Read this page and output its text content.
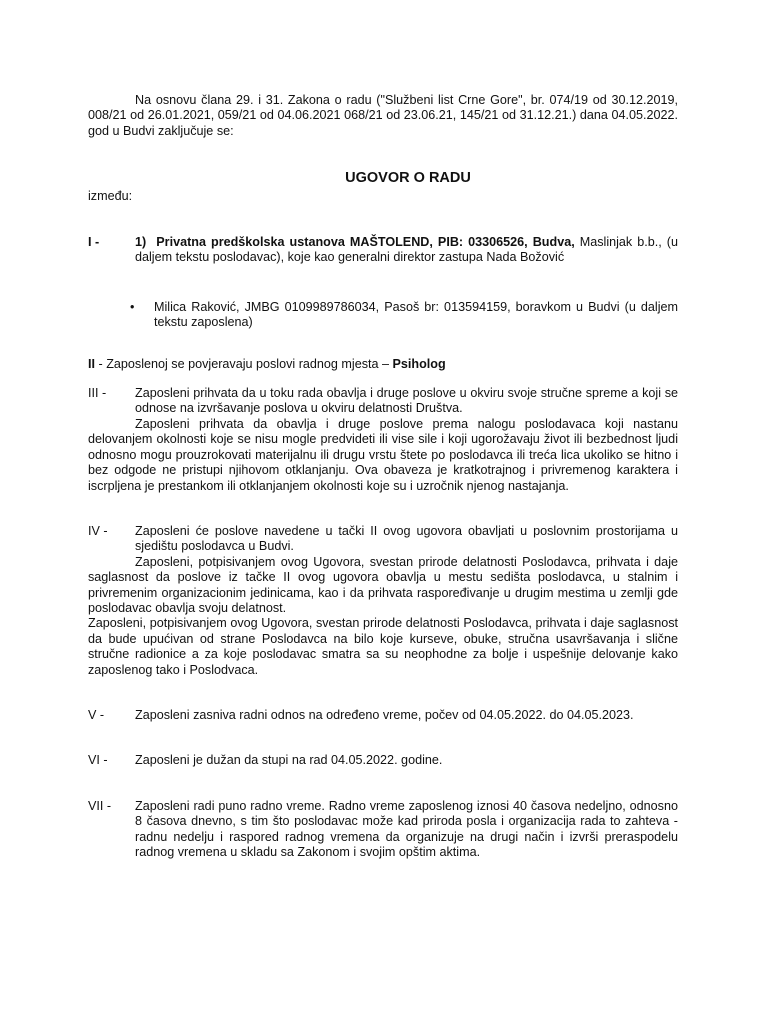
Na osnovu člana 29. i 31. Zakona o radu ("Službeni list Crne Gore", br. 074/19 od 30.12.2019, 008/21 od 26.01.2021, 059/21 od 04.06.2021 068/21 od 23.06.21, 145/21 od 31.12.21.) dana 04.05.2022. god u Budvi zaključuje se:

UGOVOR O RADU

između:

I -	1) Privatna predškolska ustanova MAŠTOLEND, PIB: 03306526, Budva, Maslinjak b.b., (u daljem tekstu poslodavac), koje kao generalni direktor zastupa Nada Božović
•	Milica Raković, JMBG 0109989786034, Pasoš br: 013594159, boravkom u Budvi (u daljem tekstu zaposlena)

II - Zaposlenoj se povjeravaju poslovi radnog mjesta – Psiholog

III -	Zaposleni prihvata da u toku rada obavlja i druge poslove u okviru svoje stručne spreme a koji se odnose na izvršavanje poslova u okviru delatnosti Društva.

Zaposleni prihvata da obavlja i druge poslove prema nalogu poslodavaca koji nastanu delovanjem okolnosti koje se nisu mogle predvideti ili vise sile i koji ugorožavaju život ili bezbednost ljudi odnosno mogu prouzrokovati materijalnu ili drugu vrstu štete po poslodavca ili treća lica ukoliko se hitno i bez odgode ne pristupi njihovom otklanjanju. Ova obaveza je kratkotrajnog i privremenog karaktera i iscrpljena je prestankom ili otklanjanjem okolnosti koje su i uzročnik njenog nastajanja.

IV -	Zaposleni će poslove navedene u tački II ovog ugovora obavljati u poslovnim prostorijama u sjedištu poslodavca u Budvi.

Zaposleni, potpisivanjem ovog Ugovora, svestan prirode delatnosti Poslodavca, prihvata i daje saglasnost da poslove iz tačke II ovog ugovora obavlja u mestu sedišta poslodavca, u stalnim i privremenim organizacionim jedinicama, kao i da prihvata raspoređivanje u drugim mestima u zemlji gde poslodavac obavlja svoju delatnost.

Zaposleni, potpisivanjem ovog Ugovora, svestan prirode delatnosti Poslodavca, prihvata i daje saglasnost da bude upućivan od strane Poslodavca na bilo koje kurseve, obuke, stručna usavršavanja i slične stručne radionice a za koje poslodavac smatra sa su neophodne za bolje i uspešnije delovanje kako zaposlenog tako i Poslodvaca.

V -	Zaposleni zasniva radni odnos na određeno vreme, počev od 04.05.2022. do 04.05.2023.
VI -	Zaposleni je dužan da stupi na rad 04.05.2022. godine.
VII -	Zaposleni radi puno radno vreme. Radno vreme zaposlenog iznosi 40 časova nedeljno, odnosno 8 časova dnevno, s tim što poslodavac može kad priroda posla i organizacija rada to zahteva - radnu nedelju i raspored radnog vremena da organizuje na drugi način i izvrši preraspodelu radnog vremena u skladu sa Zakonom i svojim opštim aktima.
